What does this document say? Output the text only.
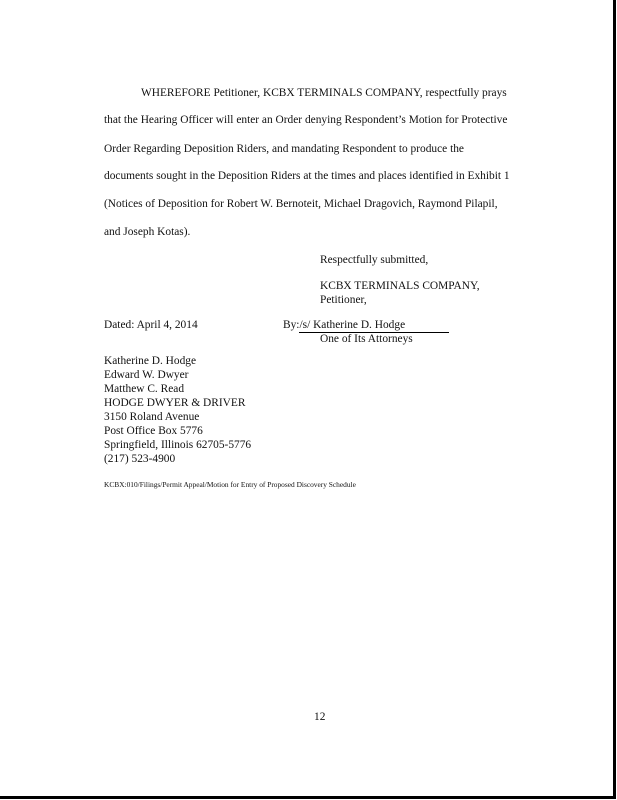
WHEREFORE Petitioner, KCBX TERMINALS COMPANY, respectfully prays
that the Hearing Officer will enter an Order denying Respondent’s Motion for Protective
Order Regarding Deposition Riders, and mandating Respondent to produce the
documents sought in the Deposition Riders at the times and places identified in Exhibit 1
(Notices of Deposition for Robert W. Bernoteit, Michael Dragovich, Raymond Pilapil,
and Joseph Kotas).
Respectfully submitted,
KCBX TERMINALS COMPANY,
Petitioner,
Dated: April 4, 2014	By:/s/ Katherine D. Hodge
One of Its Attorneys
Katherine D. Hodge
Edward W. Dwyer
Matthew C. Read
HODGE DWYER & DRIVER
3150 Roland Avenue
Post Office Box 5776
Springfield, Illinois 62705-5776
(217) 523-4900
KCBX:010/Filings/Permit Appeal/Motion for Entry of Proposed Discovery Schedule
12
